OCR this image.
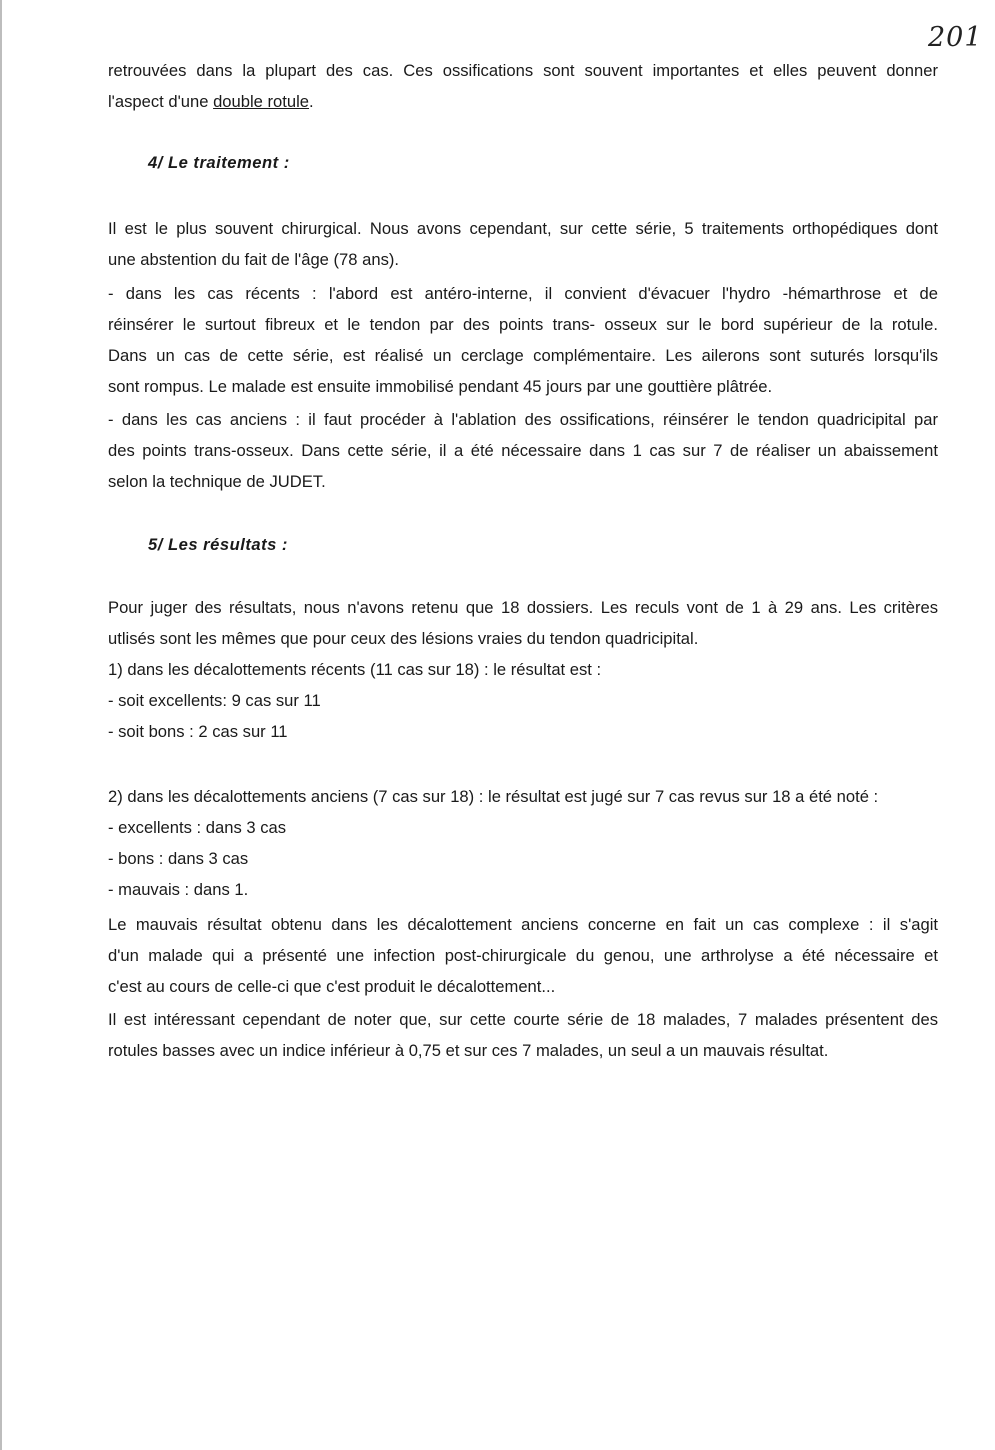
201

retrouvées dans la plupart des cas. Ces ossifications sont souvent importantes et elles peuvent donner

l'aspect d'une double rotule.

4/ Le traitement :

Il est le plus souvent chirurgical. Nous avons cependant, sur cette série, 5 traitements orthopédiques dont

une abstention du fait de l'âge (78 ans).

- dans les cas récents : l'abord est antéro-interne, il convient d'évacuer l'hydro -hémarthrose et de

réinsérer le surtout fibreux et le tendon par des points trans- osseux sur le bord supérieur de la rotule.

Dans un cas de cette série, est réalisé un cerclage complémentaire. Les ailerons sont suturés lorsqu'ils

sont rompus. Le malade est ensuite immobilisé pendant 45 jours par une gouttière plâtrée.

- dans les cas anciens : il faut procéder à l'ablation des ossifications, réinsérer le tendon quadricipital par

des points trans-osseux. Dans cette série, il a été nécessaire dans 1 cas sur 7 de réaliser un abaissement

selon la technique de JUDET.

5/ Les résultats :

Pour juger des résultats, nous n'avons retenu que 18 dossiers. Les reculs vont de 1 à 29 ans. Les critères

utlisés sont les mêmes que pour ceux des lésions vraies du tendon quadricipital.

1) dans les décalottements récents (11 cas sur 18) : le résultat est :

- soit excellents: 9 cas sur 11

- soit bons : 2 cas sur 11

2) dans les décalottements anciens (7 cas sur 18) : le résultat est jugé sur 7 cas revus sur 18 a été noté :

- excellents : dans 3 cas

- bons : dans 3 cas

- mauvais : dans 1.

Le mauvais résultat obtenu dans les décalottement anciens concerne en fait un cas complexe : il s'agit

d'un malade qui a présenté une infection post-chirurgicale du genou, une arthrolyse a été nécessaire et

c'est au cours de celle-ci que c'est produit le décalottement...

Il est intéressant cependant de noter que, sur cette courte série de 18 malades, 7 malades présentent des

rotules basses avec un indice inférieur à 0,75 et sur ces 7 malades, un seul a un mauvais résultat.
